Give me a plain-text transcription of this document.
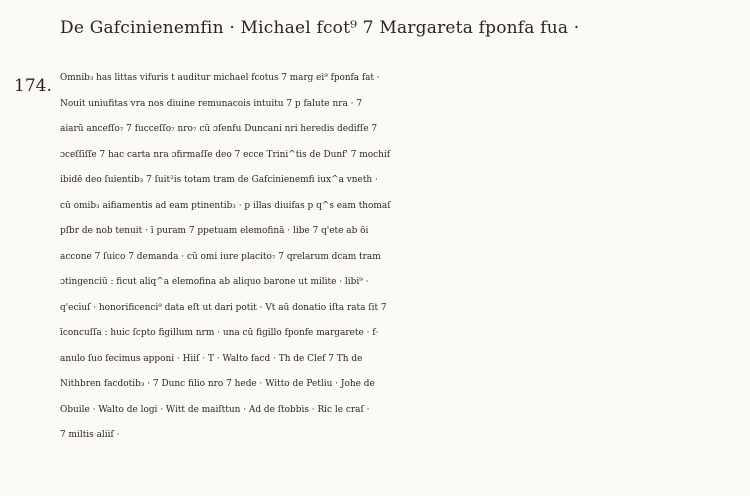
De Gafcinienemfin · Michael fcot⁹ 7 Margareta fponfa fua ·
174. Omnib₃ has littas vifuris t auditur michael fcotus 7 marg ei⁹ fponfa fat ·
Nouit uniufitas vra nos diuine remunacois intuitu 7 p falute nra · 7
aiarū ancefſo₇ 7 fucceſſo₇ nro₇ cū ɔfenfu Duncani nri heredis dedifſe 7
ɔceſſiſſe 7 hac carta nra ɔfirmaſſe deo 7 ecce Trini^tis de Dunf' 7 mochif
ibidē deo ſuientib₃ 7 ſuit²is totam tram de Gafcinienemfi iux^a vneth ·
cū omib₃ aifiamentis ad eam ptinentib₃ · p illas diuifas p q^s eam thomaſ
pſbr de nob tenuit · ī puram 7 ppetuam elemofinā · libe 7 q'ete ab ōi
accone 7 ſuico 7 demanda · cū omi iure placito₇ 7 qrelarum dcam tram
ɔtingenciū : ficut aliq^a elemofina ab aliquo barone ut milite · libi⁹ ·
q'eciuſ · honorificenci⁹ data eſt ut dari potit · Vt aū donatio iſta rata ſit 7
īconcuſſa : huic ſcpto figillum nrm · una cū figillo fponfe margarete · f·
anulo ſuo fecimus apponi · Hiiſ · T · Walto facd · Th de Clef 7 Th de
Nithbren facdotib₃ · 7 Dunc filio nro 7 hede · Witto de Petliu · Johe de
Obuile · Walto de logi · Witt de maiſttun · Ad de ſtobbis · Ric le craſ ·
7 miltis aliiſ ·
